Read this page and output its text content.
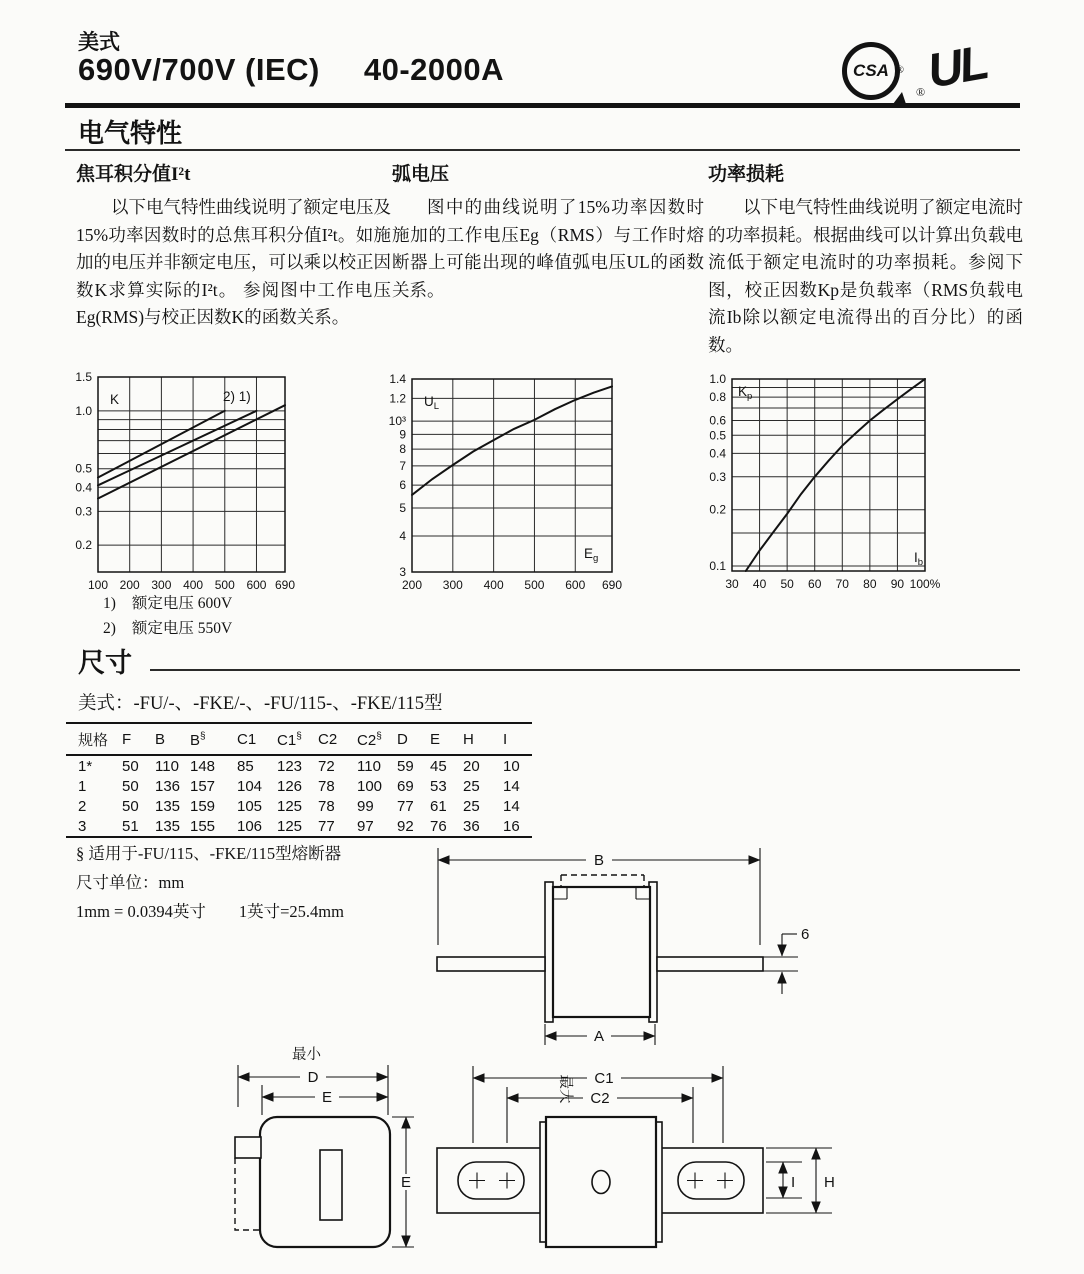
美式
690V/700V (IEC) 40-2000A	CSA ®
®
UL
电气特性
焦耳积分值I²t

以下电气特性曲线说明了额定电压及15%功率因数时的总焦耳积分值I²t。如施加的电压并非额定电压，可以乘以校正因数K求算实际的I²t。 参阅图中工作电压Eg(RMS)与校正因数K的函数关系。

弧电压

图中的曲线说明了15%功率因数时施加的工作电压Eg（RMS）与工作时熔断器上可能出现的峰值弧电压UL的函数关系。

功率损耗

以下电气特性曲线说明了额定电流时的功率损耗。根据曲线可以计算出负载电流低于额定电流时的功率损耗。参阅下图，校正因数Kp是负载率（RMS负载电流Ib除以额定电流得出的百分比）的函数。

1.5
1.0
0.5
0.4
0.3
0.2
100 200 300 400 500 600 690
K	2) 1)
1.4
1.2
10³
9
8
7
6
5
4
3
200 300 400 500 600 690
$U_L$
$E_g$
1.0
0.8
0.6
0.5
0.4
0.3
0.2
0.1
30 40 50 60 70 80 90 100%
$K_p$
$I_b$
1) 额定电压 600V
2) 额定电压 550V
尺寸
美式：-FU/-、-FKE/-、-FU/115-、-FKE/115型
规格	F	B	B§	C1	C1§	C2	C2§	D	E	H	I
1*	50	110	148	85	123	72	110	59	45	20	10
1	50	136	157	104	126	78	100	69	53	25	14
2	50	135	159	105	125	78	99	77	61	25	14
3	51	135	155	106	125	77	97	92	76	36	16
§ 适用于-FU/115、-FKE/115型熔断器
尺寸单位：mm
1mm = 0.0394英寸　　1英寸=25.4mm
B
A
6
最小
D
E
E
C1
C2
最大
I H
